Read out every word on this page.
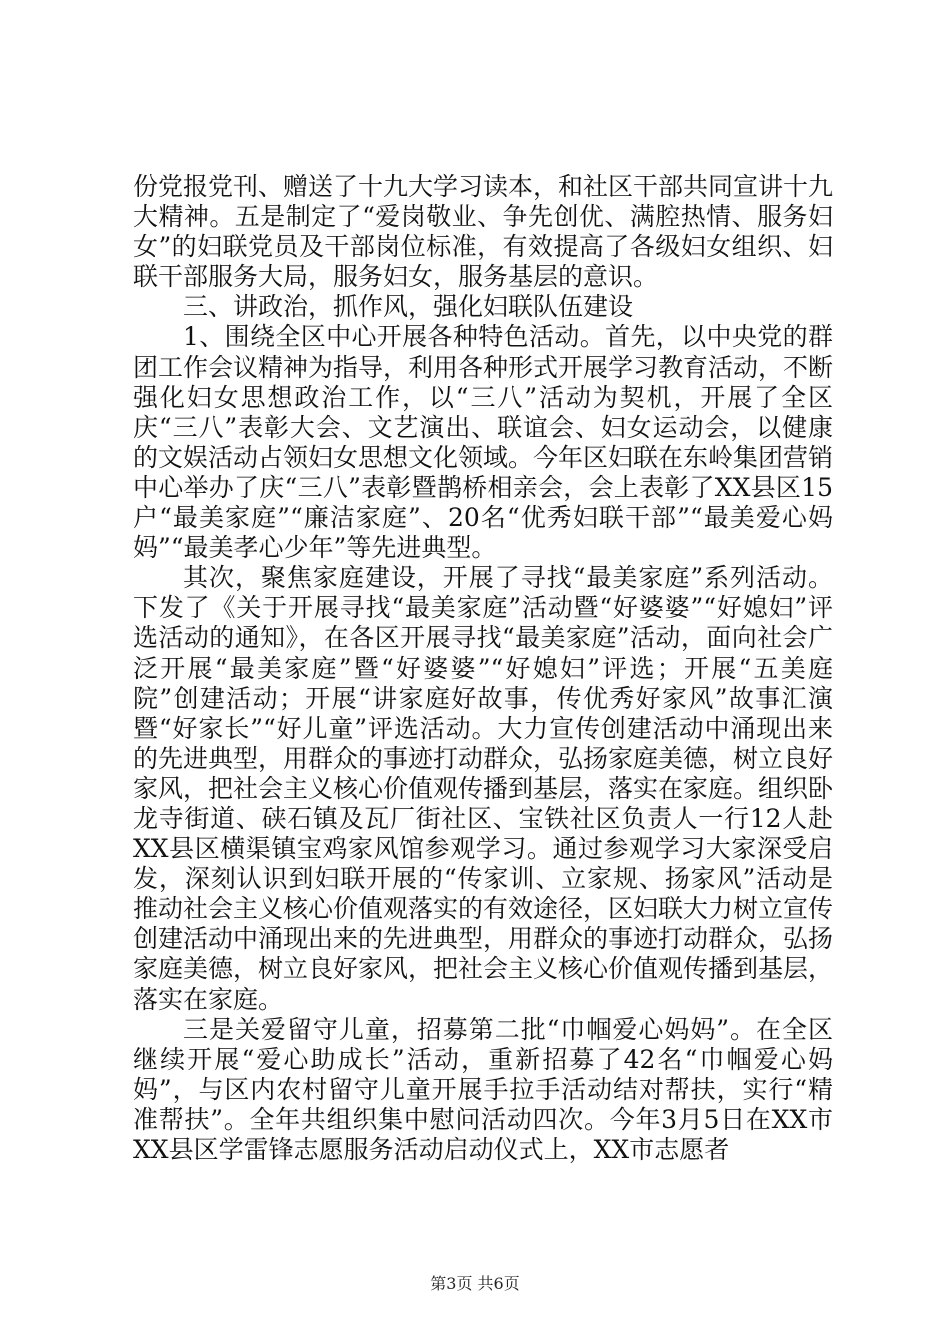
份党报党刊、赠送了十九大学习读本，和社区干部共同宣讲十九大精神。五是制定了“爱岗敬业、争先创优、满腔热情、服务妇女”的妇联党员及干部岗位标准，有效提高了各级妇女组织、妇联干部服务大局，服务妇女，服务基层的意识。

三、讲政治，抓作风，强化妇联队伍建设

1、围绕全区中心开展各种特色活动。首先，以中央党的群团工作会议精神为指导，利用各种形式开展学习教育活动，不断强化妇女思想政治工作，以“三八”活动为契机，开展了全区庆“三八”表彰大会、文艺演出、联谊会、妇女运动会，以健康的文娱活动占领妇女思想文化领域。今年区妇联在东岭集团营销中心举办了庆“三八”表彰暨鹊桥相亲会，会上表彰了XX县区15户“最美家庭”“廉洁家庭”、20名“优秀妇联干部”“最美爱心妈妈”“最美孝心少年”等先进典型。

其次，聚焦家庭建设，开展了寻找“最美家庭”系列活动。下发了《关于开展寻找“最美家庭”活动暨“好婆婆”“好媳妇”评选活动的通知》，在各区开展寻找“最美家庭”活动，面向社会广泛开展“最美家庭”暨“好婆婆”“好媳妇”评选；开展“五美庭院”创建活动；开展“讲家庭好故事，传优秀好家风”故事汇演暨“好家长”“好儿童”评选活动。大力宣传创建活动中涌现出来的先进典型，用群众的事迹打动群众，弘扬家庭美德，树立良好家风，把社会主义核心价值观传播到基层，落实在家庭。组织卧龙寺街道、硖石镇及瓦厂街社区、宝铁社区负责人一行12人赴XX县区横渠镇宝鸡家风馆参观学习。通过参观学习大家深受启发，深刻认识到妇联开展的“传家训、立家规、扬家风”活动是推动社会主义核心价值观落实的有效途径，区妇联大力树立宣传创建活动中涌现出来的先进典型，用群众的事迹打动群众，弘扬家庭美德，树立良好家风，把社会主义核心价值观传播到基层，落实在家庭。

三是关爱留守儿童，招募第二批“巾帼爱心妈妈”。在全区继续开展“爱心助成长”活动，重新招募了42名“巾帼爱心妈妈”，与区内农村留守儿童开展手拉手活动结对帮扶，实行“精准帮扶”。全年共组织集中慰问活动四次。今年3月5日在XX市XX县区学雷锋志愿服务活动启动仪式上，XX市志愿者

第3页 共6页
